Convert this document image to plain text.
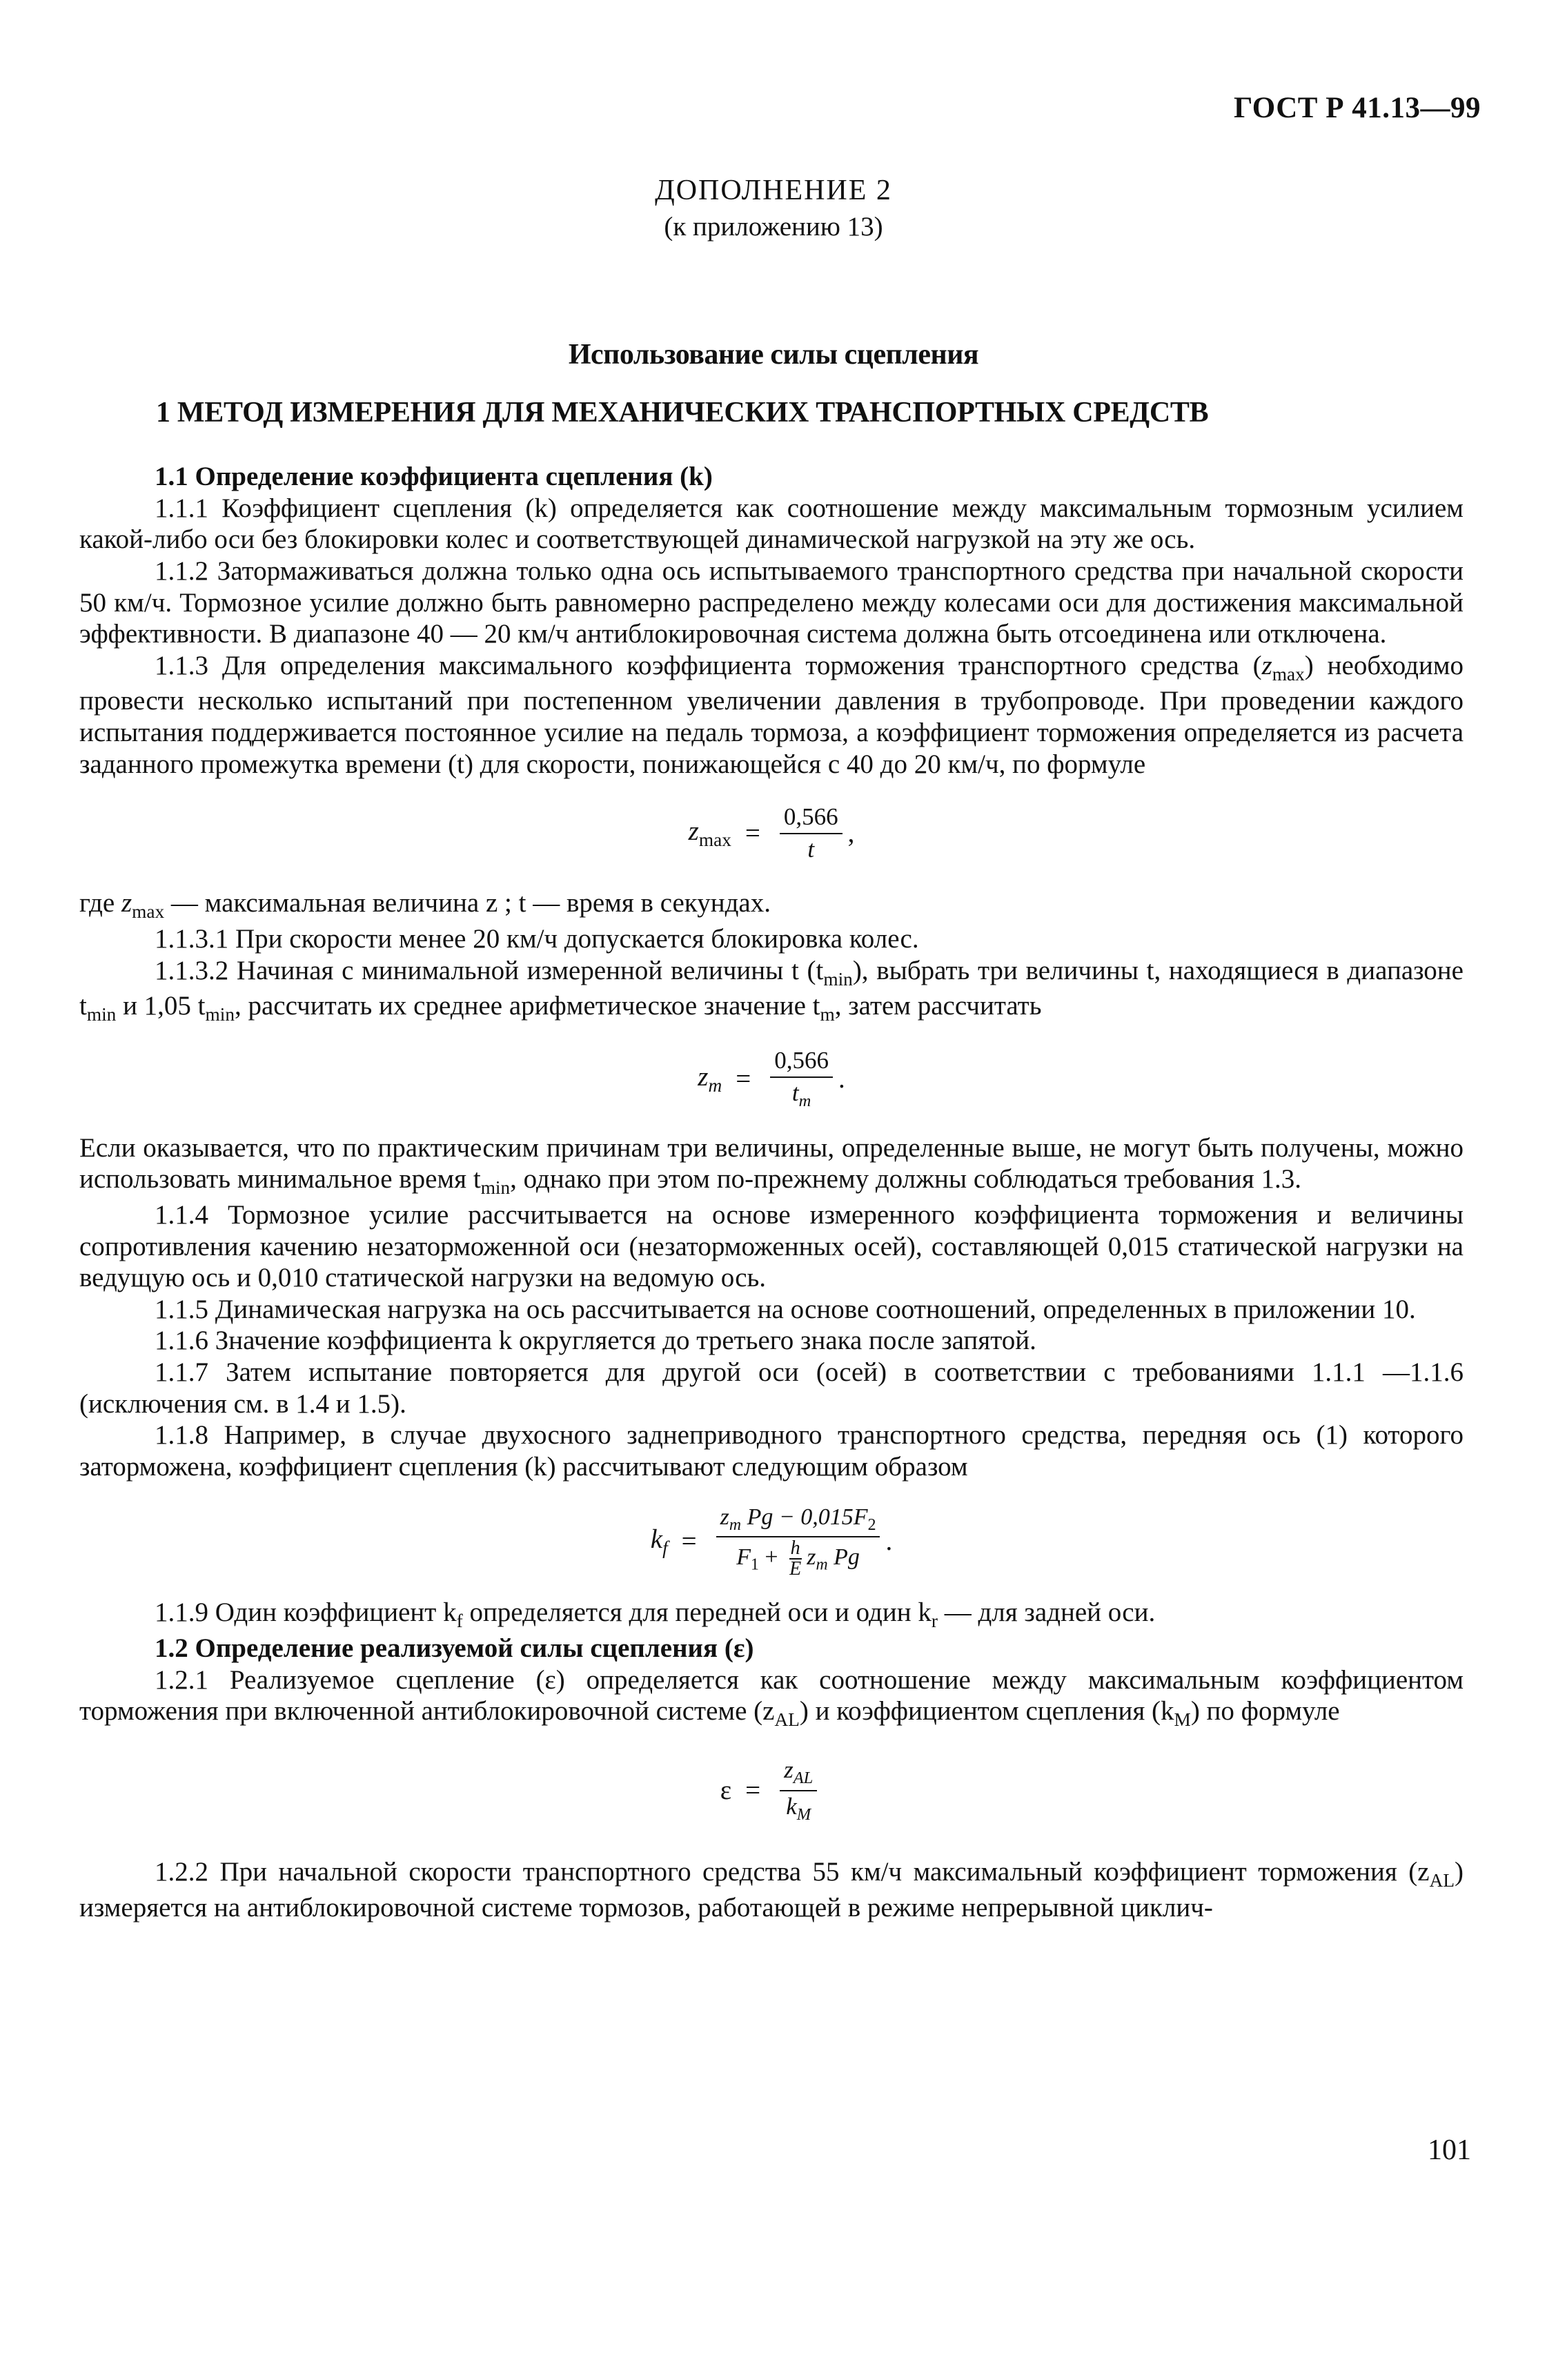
ГОСТ Р 41.13—99
ДОПОЛНЕНИЕ 2
(к приложению 13)
Использование силы сцепления
1 МЕТОД ИЗМЕРЕНИЯ ДЛЯ МЕХАНИЧЕСКИХ ТРАНСПОРТНЫХ СРЕДСТВ

1.1 Определение коэффициента сцепления (k)

1.1.1 Коэффициент сцепления (k) определяется как соотношение между максимальным тормозным усилием какой-либо оси без блокировки колес и соответствующей динамической нагрузкой на эту же ось.

1.1.2 Затормаживаться должна только одна ось испытываемого транспортного средства при начальной скорости 50 км/ч. Тормозное усилие должно быть равномерно распределено между колесами оси для достижения максимальной эффективности. В диапазоне 40 — 20 км/ч антиблокировочная система должна быть отсоединена или отключена.

1.1.3 Для определения максимального коэффициента торможения транспортного средства $(z_{max})$ необходимо провести несколько испытаний при постепенном увеличении давления в трубопроводе. При проведении каждого испытания поддерживается постоянное усилие на педаль тормоза, а коэффициент торможения определяется из расчета заданного промежутка времени (t) для скорости, понижающейся с 40 до 20 км/ч, по формуле

$z_{max} = \frac{0,566}{t}$ ,

где $z_{max}$ — максимальная величина z ; t — время в секундах.

1.1.3.1 При скорости менее 20 км/ч допускается блокировка колес.

1.1.3.2 Начиная с минимальной измеренной величины t $(t_{min})$, выбрать три величины t, находящиеся в диапазоне $t_{min}$ и 1,05 $t_{min}$, рассчитать их среднее арифметическое значение $t_m$, затем рассчитать

$z_m = \frac{0,566}{t_m}$ .

Если оказывается, что по практическим причинам три величины, определенные выше, не могут быть получены, можно использовать минимальное время $t_{min}$, однако при этом по-прежнему должны соблюдаться требования 1.3.

1.1.4 Тормозное усилие рассчитывается на основе измеренного коэффициента торможения и величины сопротивления качению незаторможенной оси (незаторможенных осей), составляющей 0,015 статической нагрузки на ведущую ось и 0,010 статической нагрузки на ведомую ось.

1.1.5 Динамическая нагрузка на ось рассчитывается на основе соотношений, определенных в приложении 10.

1.1.6 Значение коэффициента k округляется до третьего знака после запятой.

1.1.7 Затем испытание повторяется для другой оси (осей) в соответствии с требованиями 1.1.1 —1.1.6 (исключения см. в 1.4 и 1.5).

1.1.8 Например, в случае двухосного заднеприводного транспортного средства, передняя ось (1) которого заторможена, коэффициент сцепления (k) рассчитывают следующим образом

$k_f = \frac{z_m Pg - 0,015F_2}{F_1 + \frac{h}{E} z_m Pg}$ .

1.1.9 Один коэффициент $k_f$ определяется для передней оси и один $k_r$ — для задней оси.

1.2 Определение реализуемой силы сцепления (ε)

1.2.1 Реализуемое сцепление (ε) определяется как соотношение между максимальным коэффициентом торможения при включенной антиблокировочной системе $(z_{AL})$ и коэффициентом сцепления $(k_M)$ по формуле

$\varepsilon = \frac{z_{AL}}{k_M}$

1.2.2 При начальной скорости транспортного средства 55 км/ч максимальный коэффициент торможения $(z_{AL})$ измеряется на антиблокировочной системе тормозов, работающей в режиме непрерывной циклич-

101
